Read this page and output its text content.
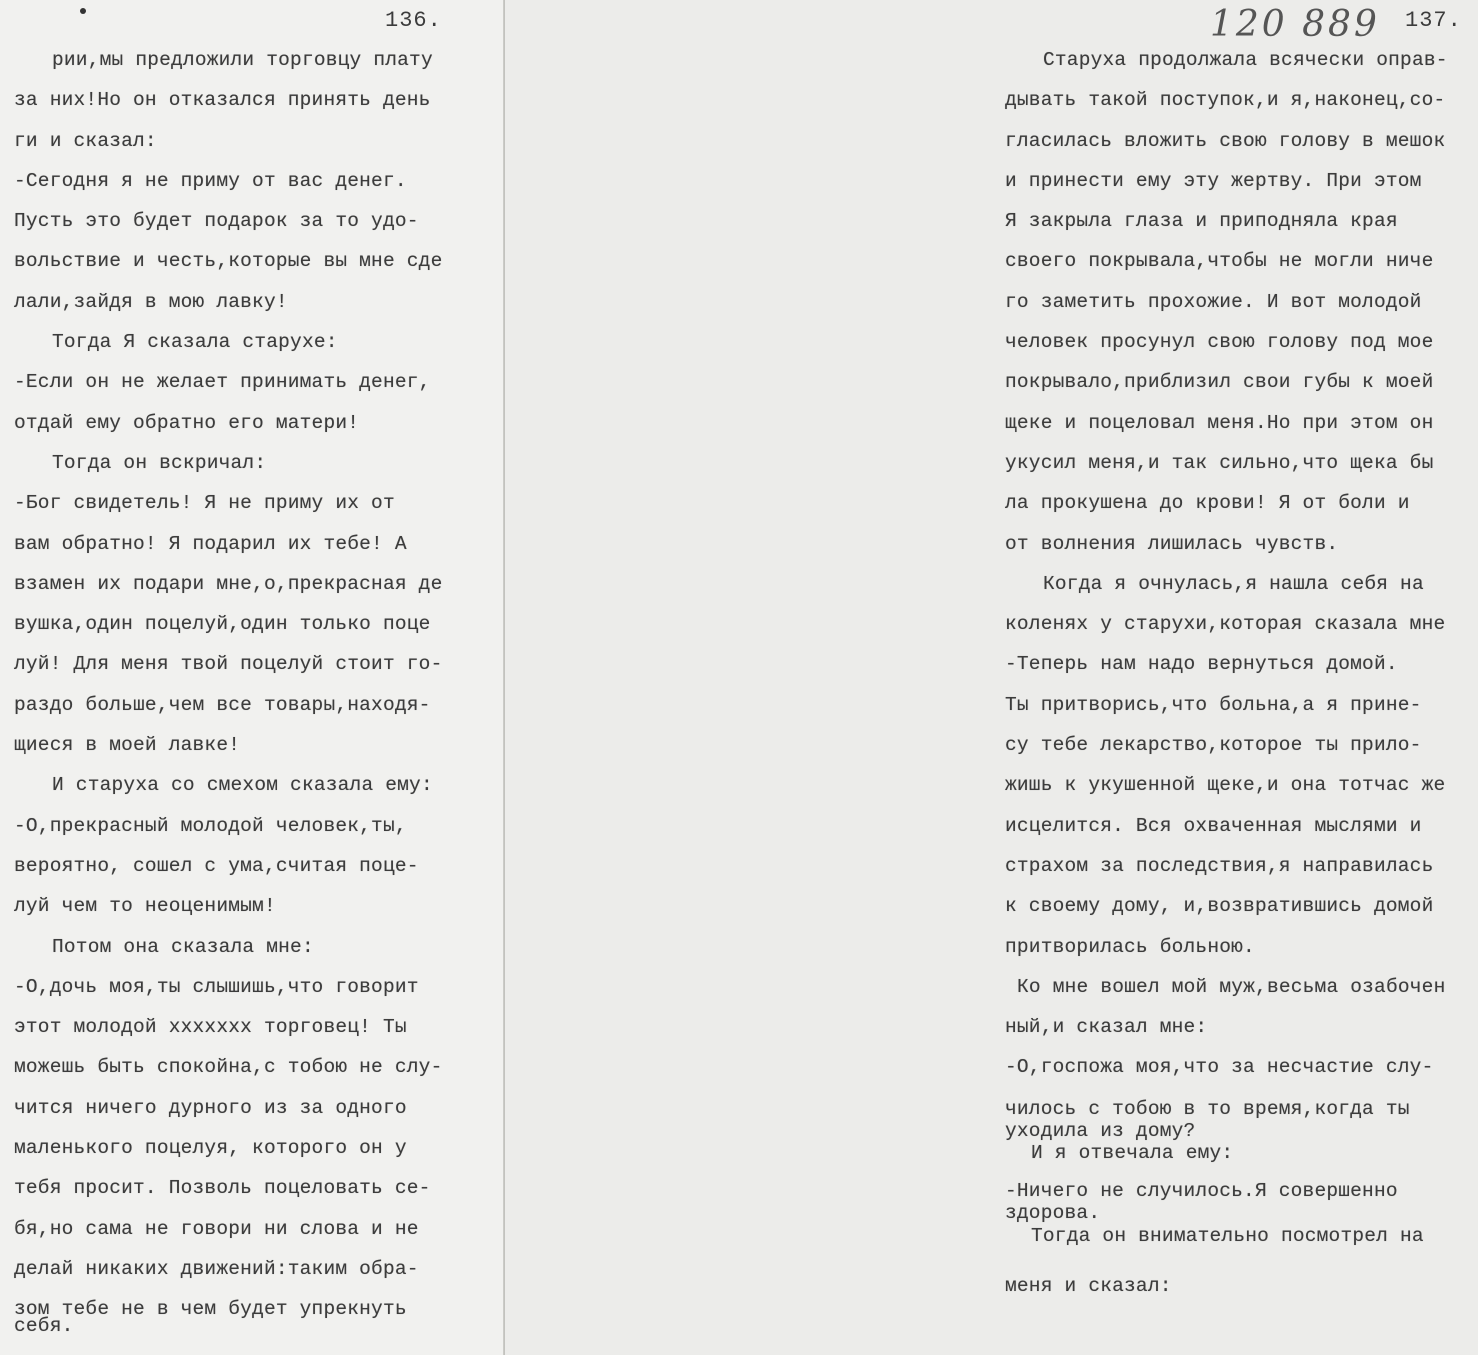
136.
рии,мы предложили торговцу плату
за них!Но он отказался принять день
ги и сказал:
-Сегодня я не приму от вас денег.
Пусть это будет подарок за то удо-
вольствие и честь,которые вы мне сде
лали,зайдя в мою лавку!
Тогда Я сказала старухе:
-Если он не желает принимать денег,
отдай ему обратно его матери!
Тогда он вскричал:
-Бог свидетель! Я не приму их от
вам обратно! Я подарил их тебе! А
взамен их подари мне,о,прекрасная де
вушка,один поцелуй,один только поце
луй! Для меня твой поцелуй стоит го-
раздо больше,чем все товары,находя-
щиеся в моей лавке!
И старуха со смехом сказала ему:
-О,прекрасный молодой человек,ты,
вероятно, сошел с ума,считая поце-
луй чем то неоценимым!
Потом она сказала мне:
-О,дочь моя,ты слышишь,что говорит
этот молодой xxxxxxx торговец! Ты
можешь быть спокойна,с тобою не слу-
чится ничего дурного из за одного
маленького поцелуя, которого он у
тебя просит. Позволь поцеловать се-
бя,но сама не говори ни слова и не
делай никаких движений:таким обра-
зом тебе не в чем будет упрекнуть
себя.
120 889 137.
Старуха продолжала всячески оправ-
дывать такой поступок,и я,наконец,со-
гласилась вложить свою голову в мешок
и принести ему эту жертву. При этом
Я закрыла глаза и приподняла края
своего покрывала,чтобы не могли ниче
го заметить прохожие. И вот молодой
человек просунул свою голову под мое
покрывало,приблизил свои губы к моей
щеке и поцеловал меня.Но при этом он
укусил меня,и так сильно,что щека бы
ла прокушена до крови! Я от боли и
от волнения лишилась чувств.
Когда я очнулась,я нашла себя на
коленях у старухи,которая сказала мне
-Теперь нам надо вернуться домой.
Ты притворись,что больна,а я прине-
су тебе лекарство,которое ты прило-
жишь к укушенной щеке,и она тотчас же
исцелится. Вся охваченная мыслями и
страхом за последствия,я направилась
к своему дому, и,возвратившись домой
притворилась больною.
Ко мне вошел мой муж,весьма озабочен
ный,и сказал мне:
-О,госпожа моя,что за несчастие слу-
чилось с тобою в то время,когда ты
уходила из дому?
И я отвечала ему:
-Ничего не случилось.Я совершенно
здорова.
Тогда он внимательно посмотрел на
меня и сказал:
